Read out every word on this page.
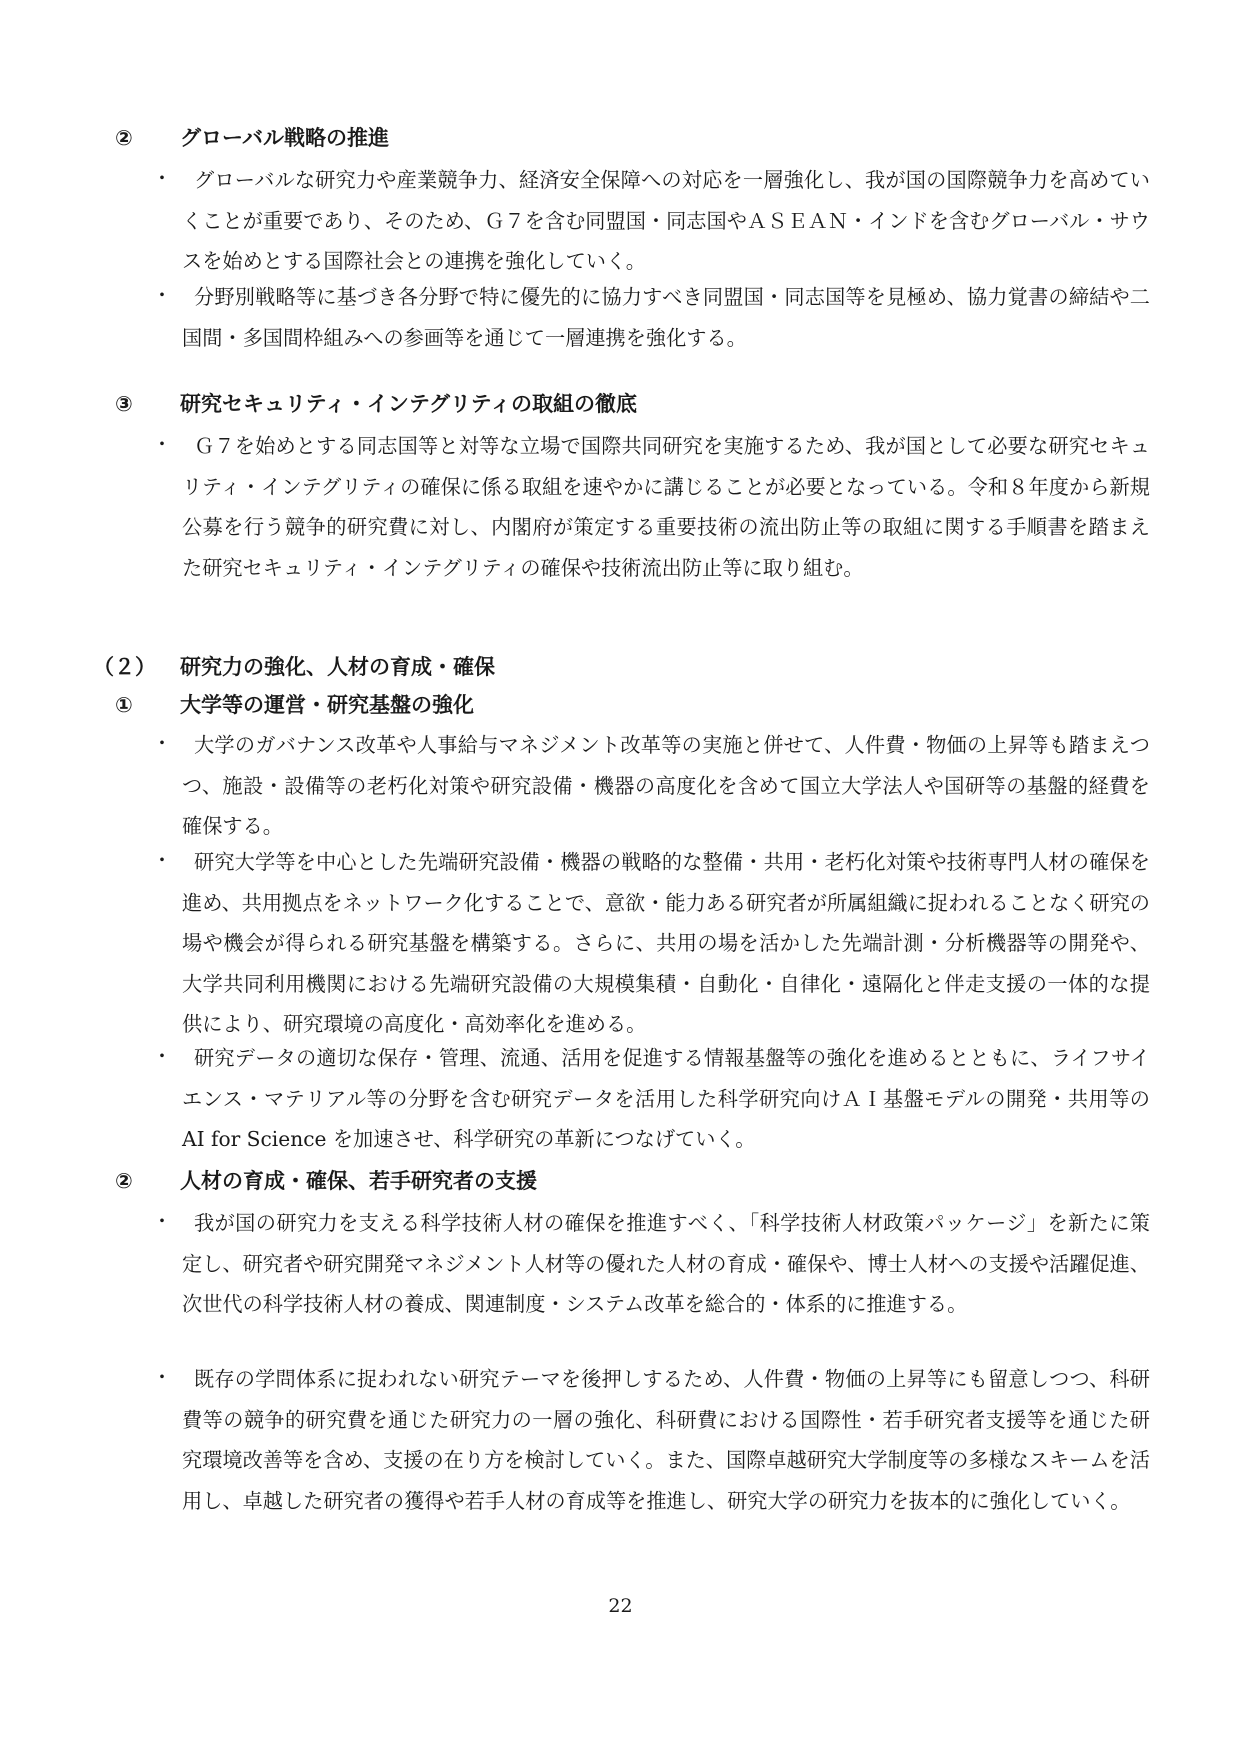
② グローバル戦略の推進
・	グローバルな研究力や産業競争力、経済安全保障への対応を一層強化し、我が国の国際競争力を高めていくことが重要であり、そのため、Ｇ７を含む同盟国・同志国やＡＳＥＡＮ・インドを含むグローバル・サウスを始めとする国際社会との連携を強化していく。

・	分野別戦略等に基づき各分野で特に優先的に協力すべき同盟国・同志国等を見極め、協力覚書の締結や二国間・多国間枠組みへの参画等を通じて一層連携を強化する。

③ 研究セキュリティ・インテグリティの取組の徹底
・	Ｇ７を始めとする同志国等と対等な立場で国際共同研究を実施するため、我が国として必要な研究セキュリティ・インテグリティの確保に係る取組を速やかに講じることが必要となっている。令和８年度から新規公募を行う競争的研究費に対し、内閣府が策定する重要技術の流出防止等の取組に関する手順書を踏まえた研究セキュリティ・インテグリティの確保や技術流出防止等に取り組む。

（２） 研究力の強化、人材の育成・確保
① 大学等の運営・研究基盤の強化
・	大学のガバナンス改革や人事給与マネジメント改革等の実施と併せて、人件費・物価の上昇等も踏まえつつ、施設・設備等の老朽化対策や研究設備・機器の高度化を含めて国立大学法人や国研等の基盤的経費を確保する。

・	研究大学等を中心とした先端研究設備・機器の戦略的な整備・共用・老朽化対策や技術専門人材の確保を進め、共用拠点をネットワーク化することで、意欲・能力ある研究者が所属組織に捉われることなく研究の場や機会が得られる研究基盤を構築する。さらに、共用の場を活かした先端計測・分析機器等の開発や、大学共同利用機関における先端研究設備の大規模集積・自動化・自律化・遠隔化と伴走支援の一体的な提供により、研究環境の高度化・高効率化を進める。

・	研究データの適切な保存・管理、流通、活用を促進する情報基盤等の強化を進めるとともに、ライフサイエンス・マテリアル等の分野を含む研究データを活用した科学研究向けＡＩ基盤モデルの開発・共用等の AI for Science を加速させ、科学研究の革新につなげていく。

② 人材の育成・確保、若手研究者の支援
・	我が国の研究力を支える科学技術人材の確保を推進すべく、「科学技術人材政策パッケージ」を新たに策定し、研究者や研究開発マネジメント人材等の優れた人材の育成・確保や、博士人材への支援や活躍促進、次世代の科学技術人材の養成、関連制度・システム改革を総合的・体系的に推進する。

・	既存の学問体系に捉われない研究テーマを後押しするため、人件費・物価の上昇等にも留意しつつ、科研費等の競争的研究費を通じた研究力の一層の強化、科研費における国際性・若手研究者支援等を通じた研究環境改善等を含め、支援の在り方を検討していく。また、国際卓越研究大学制度等の多様なスキームを活用し、卓越した研究者の獲得や若手人材の育成等を推進し、研究大学の研究力を抜本的に強化していく。

22
